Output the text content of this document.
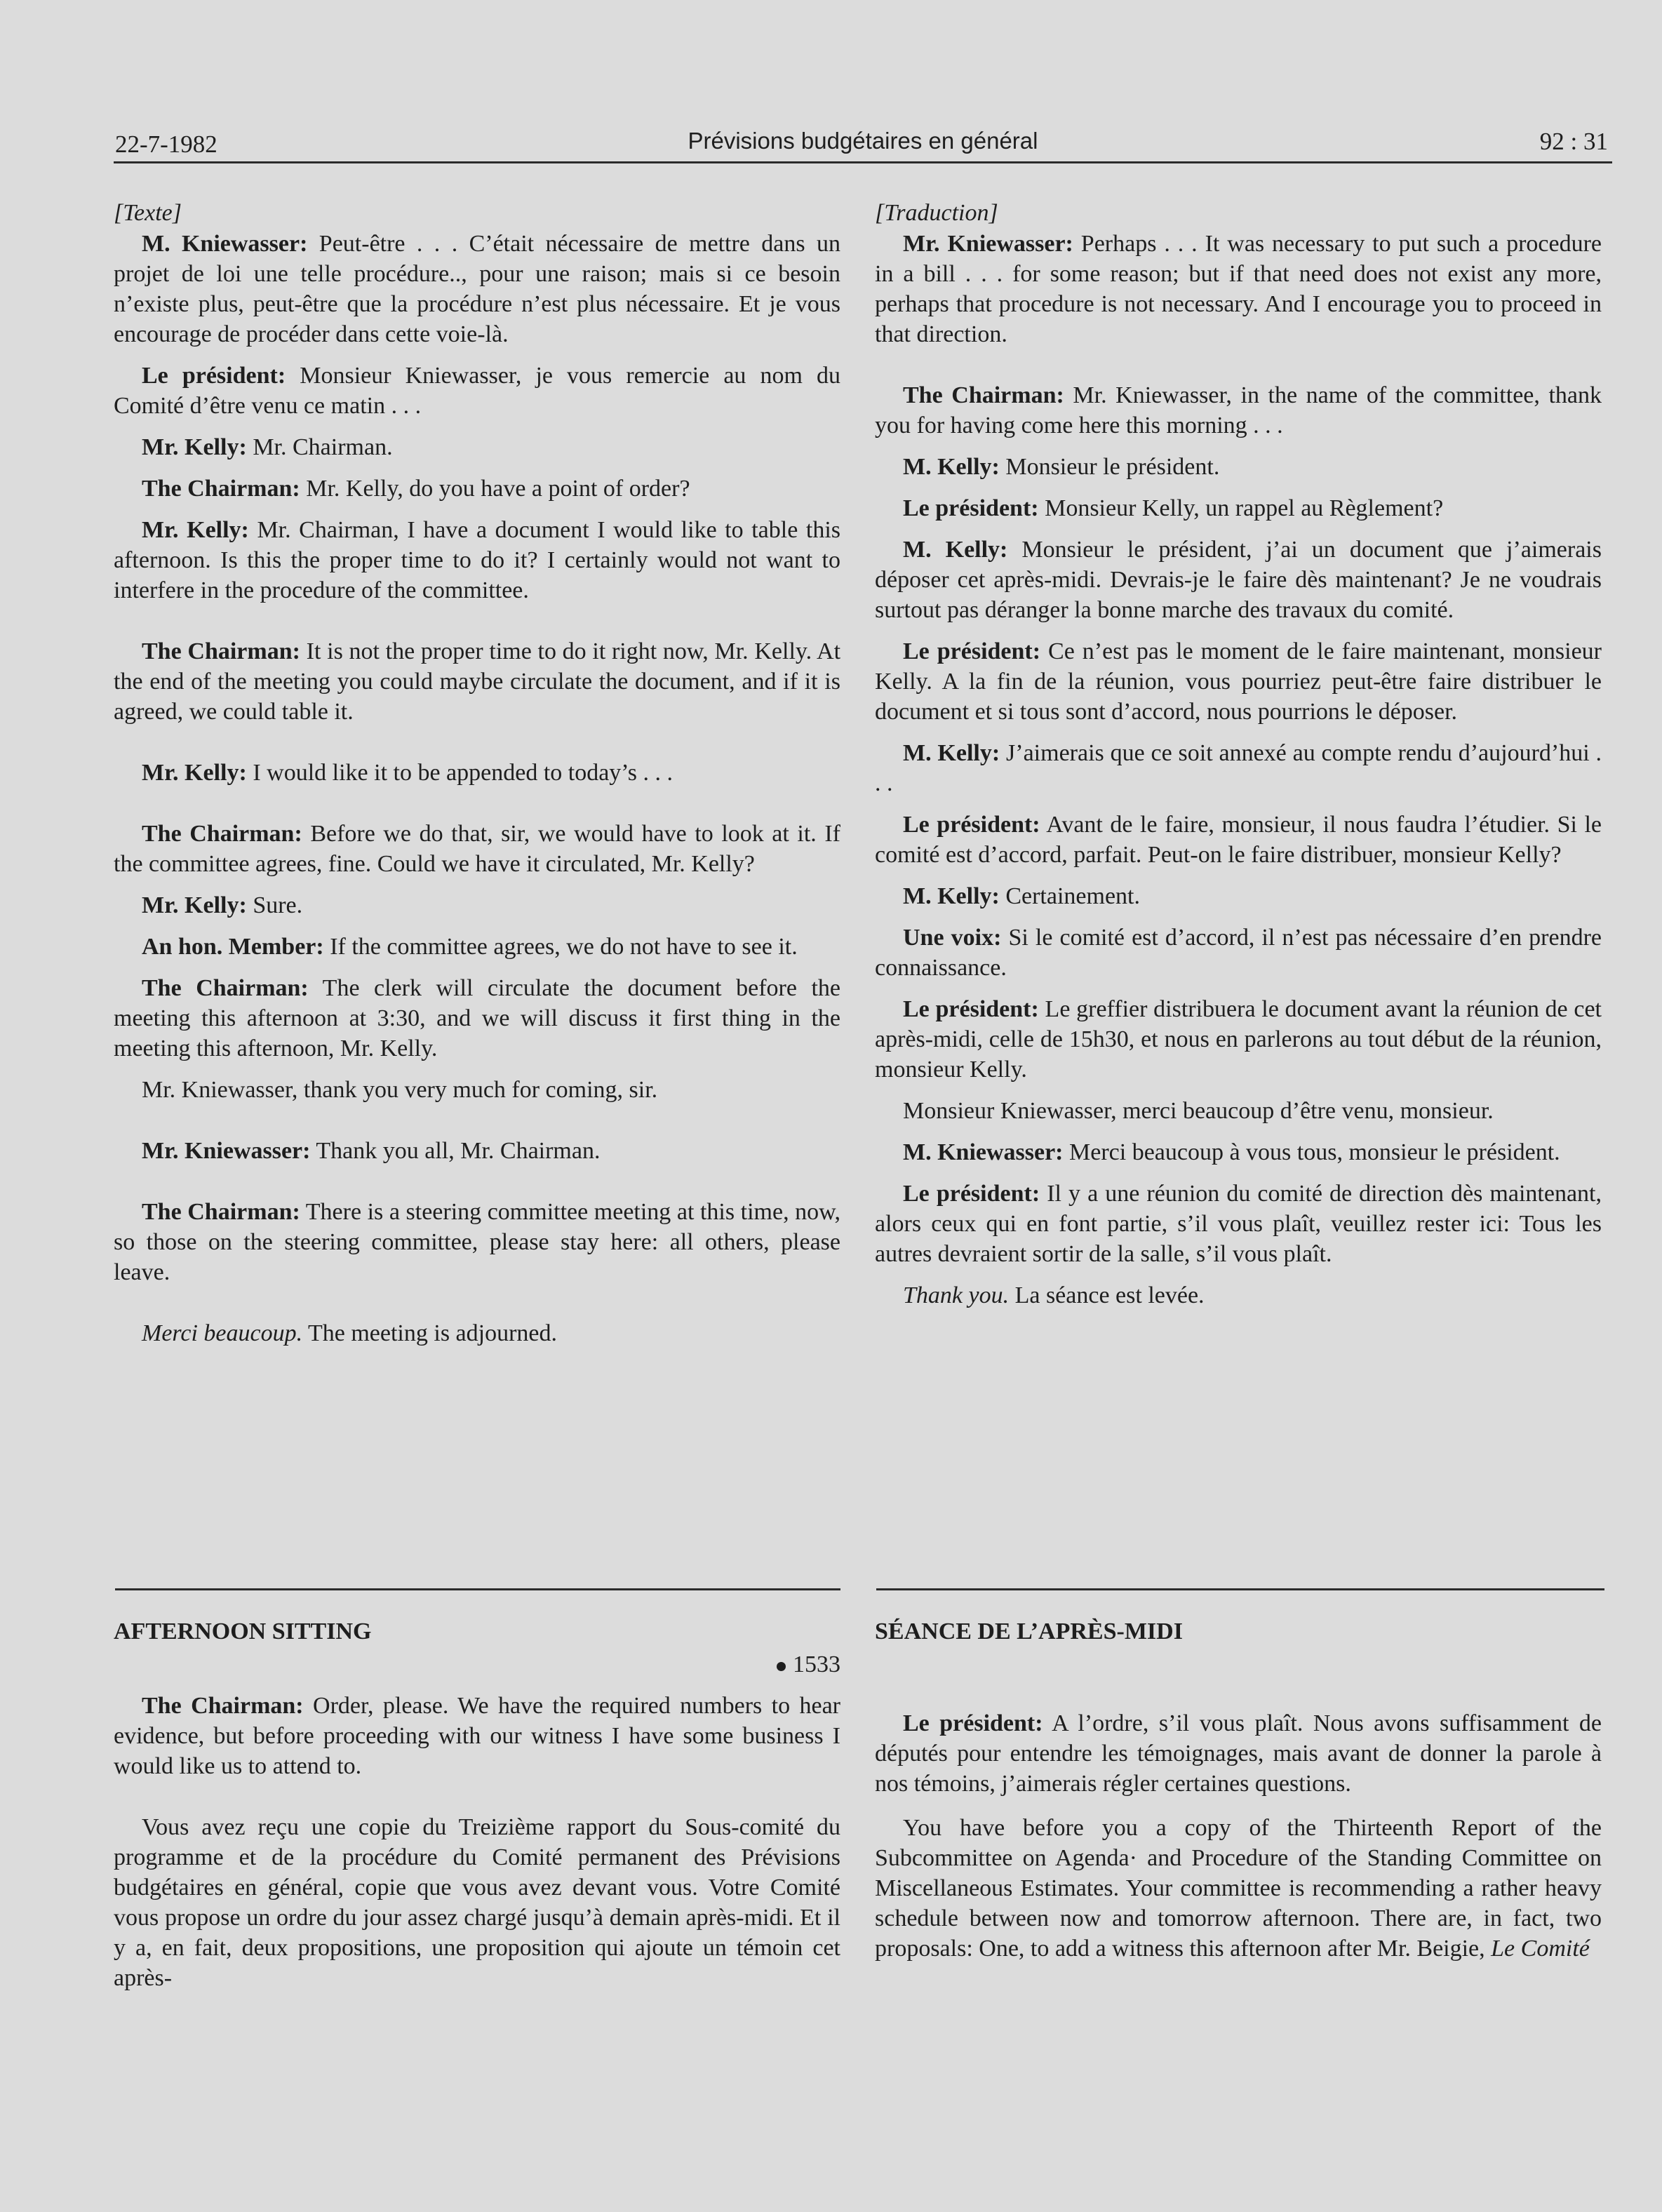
22-7-1982	Prévisions budgétaires en général	92 : 31

[Texte]

M. Kniewasser: Peut-être . . . C’était nécessaire de mettre dans un projet de loi une telle procédure.., pour une raison; mais si ce besoin n’existe plus, peut-être que la procédure n’est plus nécessaire. Et je vous encourage de procéder dans cette voie-là.

Le président: Monsieur Kniewasser, je vous remercie au nom du Comité d’être venu ce matin . . .

Mr. Kelly: Mr. Chairman.

The Chairman: Mr. Kelly, do you have a point of order?

Mr. Kelly: Mr. Chairman, I have a document I would like to table this afternoon. Is this the proper time to do it? I certainly would not want to interfere in the procedure of the committee.

The Chairman: It is not the proper time to do it right now, Mr. Kelly. At the end of the meeting you could maybe circulate the document, and if it is agreed, we could table it.

Mr. Kelly: I would like it to be appended to today’s . . .

The Chairman: Before we do that, sir, we would have to look at it. If the committee agrees, fine. Could we have it circulated, Mr. Kelly?

Mr. Kelly: Sure.

An hon. Member: If the committee agrees, we do not have to see it.

The Chairman: The clerk will circulate the document before the meeting this afternoon at 3:30, and we will discuss it first thing in the meeting this afternoon, Mr. Kelly.

Mr. Kniewasser, thank you very much for coming, sir.

Mr. Kniewasser: Thank you all, Mr. Chairman.

The Chairman: There is a steering committee meeting at this time, now, so those on the steering committee, please stay here: all others, please leave.

Merci beaucoup. The meeting is adjourned.

[Traduction]

Mr. Kniewasser: Perhaps . . . It was necessary to put such a procedure in a bill . . . for some reason; but if that need does not exist any more, perhaps that procedure is not necessary. And I encourage you to proceed in that direction.

The Chairman: Mr. Kniewasser, in the name of the committee, thank you for having come here this morning . . .

M. Kelly: Monsieur le président.

Le président: Monsieur Kelly, un rappel au Règlement?

M. Kelly: Monsieur le président, j’ai un document que j’aimerais déposer cet après-midi. Devrais-je le faire dès maintenant? Je ne voudrais surtout pas déranger la bonne marche des travaux du comité.

Le président: Ce n’est pas le moment de le faire maintenant, monsieur Kelly. A la fin de la réunion, vous pourriez peut-être faire distribuer le document et si tous sont d’accord, nous pourrions le déposer.

M. Kelly: J’aimerais que ce soit annexé au compte rendu d’aujourd’hui . . .

Le président: Avant de le faire, monsieur, il nous faudra l’étudier. Si le comité est d’accord, parfait. Peut-on le faire distribuer, monsieur Kelly?

M. Kelly: Certainement.

Une voix: Si le comité est d’accord, il n’est pas nécessaire d’en prendre connaissance.

Le président: Le greffier distribuera le document avant la réunion de cet après-midi, celle de 15h30, et nous en parlerons au tout début de la réunion, monsieur Kelly.

Monsieur Kniewasser, merci beaucoup d’être venu, monsieur.

M. Kniewasser: Merci beaucoup à vous tous, monsieur le président.

Le président: Il y a une réunion du comité de direction dès maintenant, alors ceux qui en font partie, s’il vous plaît, veuillez rester ici: Tous les autres devraient sortir de la salle, s’il vous plaît.

Thank you. La séance est levée.

AFTERNOON SITTING
1533

The Chairman: Order, please. We have the required numbers to hear evidence, but before proceeding with our witness I have some business I would like us to attend to.

Vous avez reçu une copie du Treizième rapport du Sous-comité du programme et de la procédure du Comité permanent des Prévisions budgétaires en général, copie que vous avez devant vous. Votre Comité vous propose un ordre du jour assez chargé jusqu’à demain après-midi. Et il y a, en fait, deux propositions, une proposition qui ajoute un témoin cet après-

SÉANCE DE L’APRÈS-MIDI

Le président: A l’ordre, s’il vous plaît. Nous avons suffisamment de députés pour entendre les témoignages, mais avant de donner la parole à nos témoins, j’aimerais régler certaines questions.

You have before you a copy of the Thirteenth Report of the Subcommittee on Agenda· and Procedure of the Standing Committee on Miscellaneous Estimates. Your committee is recommending a rather heavy schedule between now and tomorrow afternoon. There are, in fact, two proposals: One, to add a witness this afternoon after Mr. Beigie, Le Comité
